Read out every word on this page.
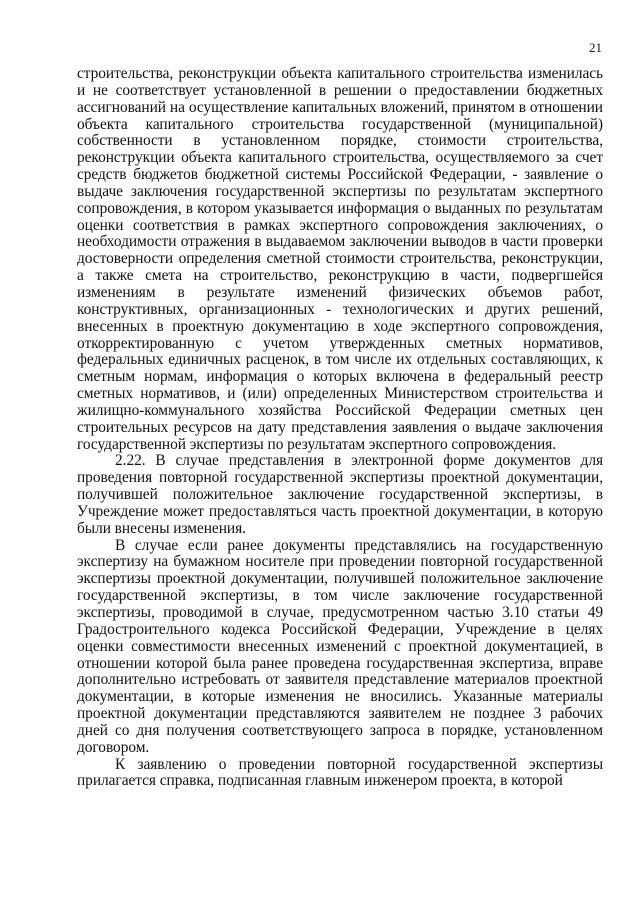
21

строительства, реконструкции объекта капитального строительства изменилась и не соответствует установленной в решении о предоставлении бюджетных ассигнований на осуществление капитальных вложений, принятом в отношении объекта капитального строительства государственной (муниципальной) собственности в установленном порядке, стоимости строительства, реконструкции объекта капитального строительства, осуществляемого за счет средств бюджетов бюджетной системы Российской Федерации, - заявление о выдаче заключения государственной экспертизы по результатам экспертного сопровождения, в котором указывается информация о выданных по результатам оценки соответствия в рамках экспертного сопровождения заключениях, о необходимости отражения в выдаваемом заключении выводов в части проверки достоверности определения сметной стоимости строительства, реконструкции, а также смета на строительство, реконструкцию в части, подвергшейся изменениям в результате изменений физических объемов работ, конструктивных, организационных - технологических и других решений, внесенных в проектную документацию в ходе экспертного сопровождения, откорректированную с учетом утвержденных сметных нормативов, федеральных единичных расценок, в том числе их отдельных составляющих, к сметным нормам, информация о которых включена в федеральный реестр сметных нормативов, и (или) определенных Министерством строительства и жилищно-коммунального хозяйства Российской Федерации сметных цен строительных ресурсов на дату представления заявления о выдаче заключения государственной экспертизы по результатам экспертного сопровождения.

2.22. В случае представления в электронной форме документов для проведения повторной государственной экспертизы проектной документации, получившей положительное заключение государственной экспертизы, в Учреждение может предоставляться часть проектной документации, в которую были внесены изменения.

В случае если ранее документы представлялись на государственную экспертизу на бумажном носителе при проведении повторной государственной экспертизы проектной документации, получившей положительное заключение государственной экспертизы, в том числе заключение государственной экспертизы, проводимой в случае, предусмотренном частью 3.10 статьи 49 Градостроительного кодекса Российской Федерации, Учреждение в целях оценки совместимости внесенных изменений с проектной документацией, в отношении которой была ранее проведена государственная экспертиза, вправе дополнительно истребовать от заявителя представление материалов проектной документации, в которые изменения не вносились. Указанные материалы проектной документации представляются заявителем не позднее 3 рабочих дней со дня получения соответствующего запроса в порядке, установленном договором.

К заявлению о проведении повторной государственной экспертизы прилагается справка, подписанная главным инженером проекта, в которой
